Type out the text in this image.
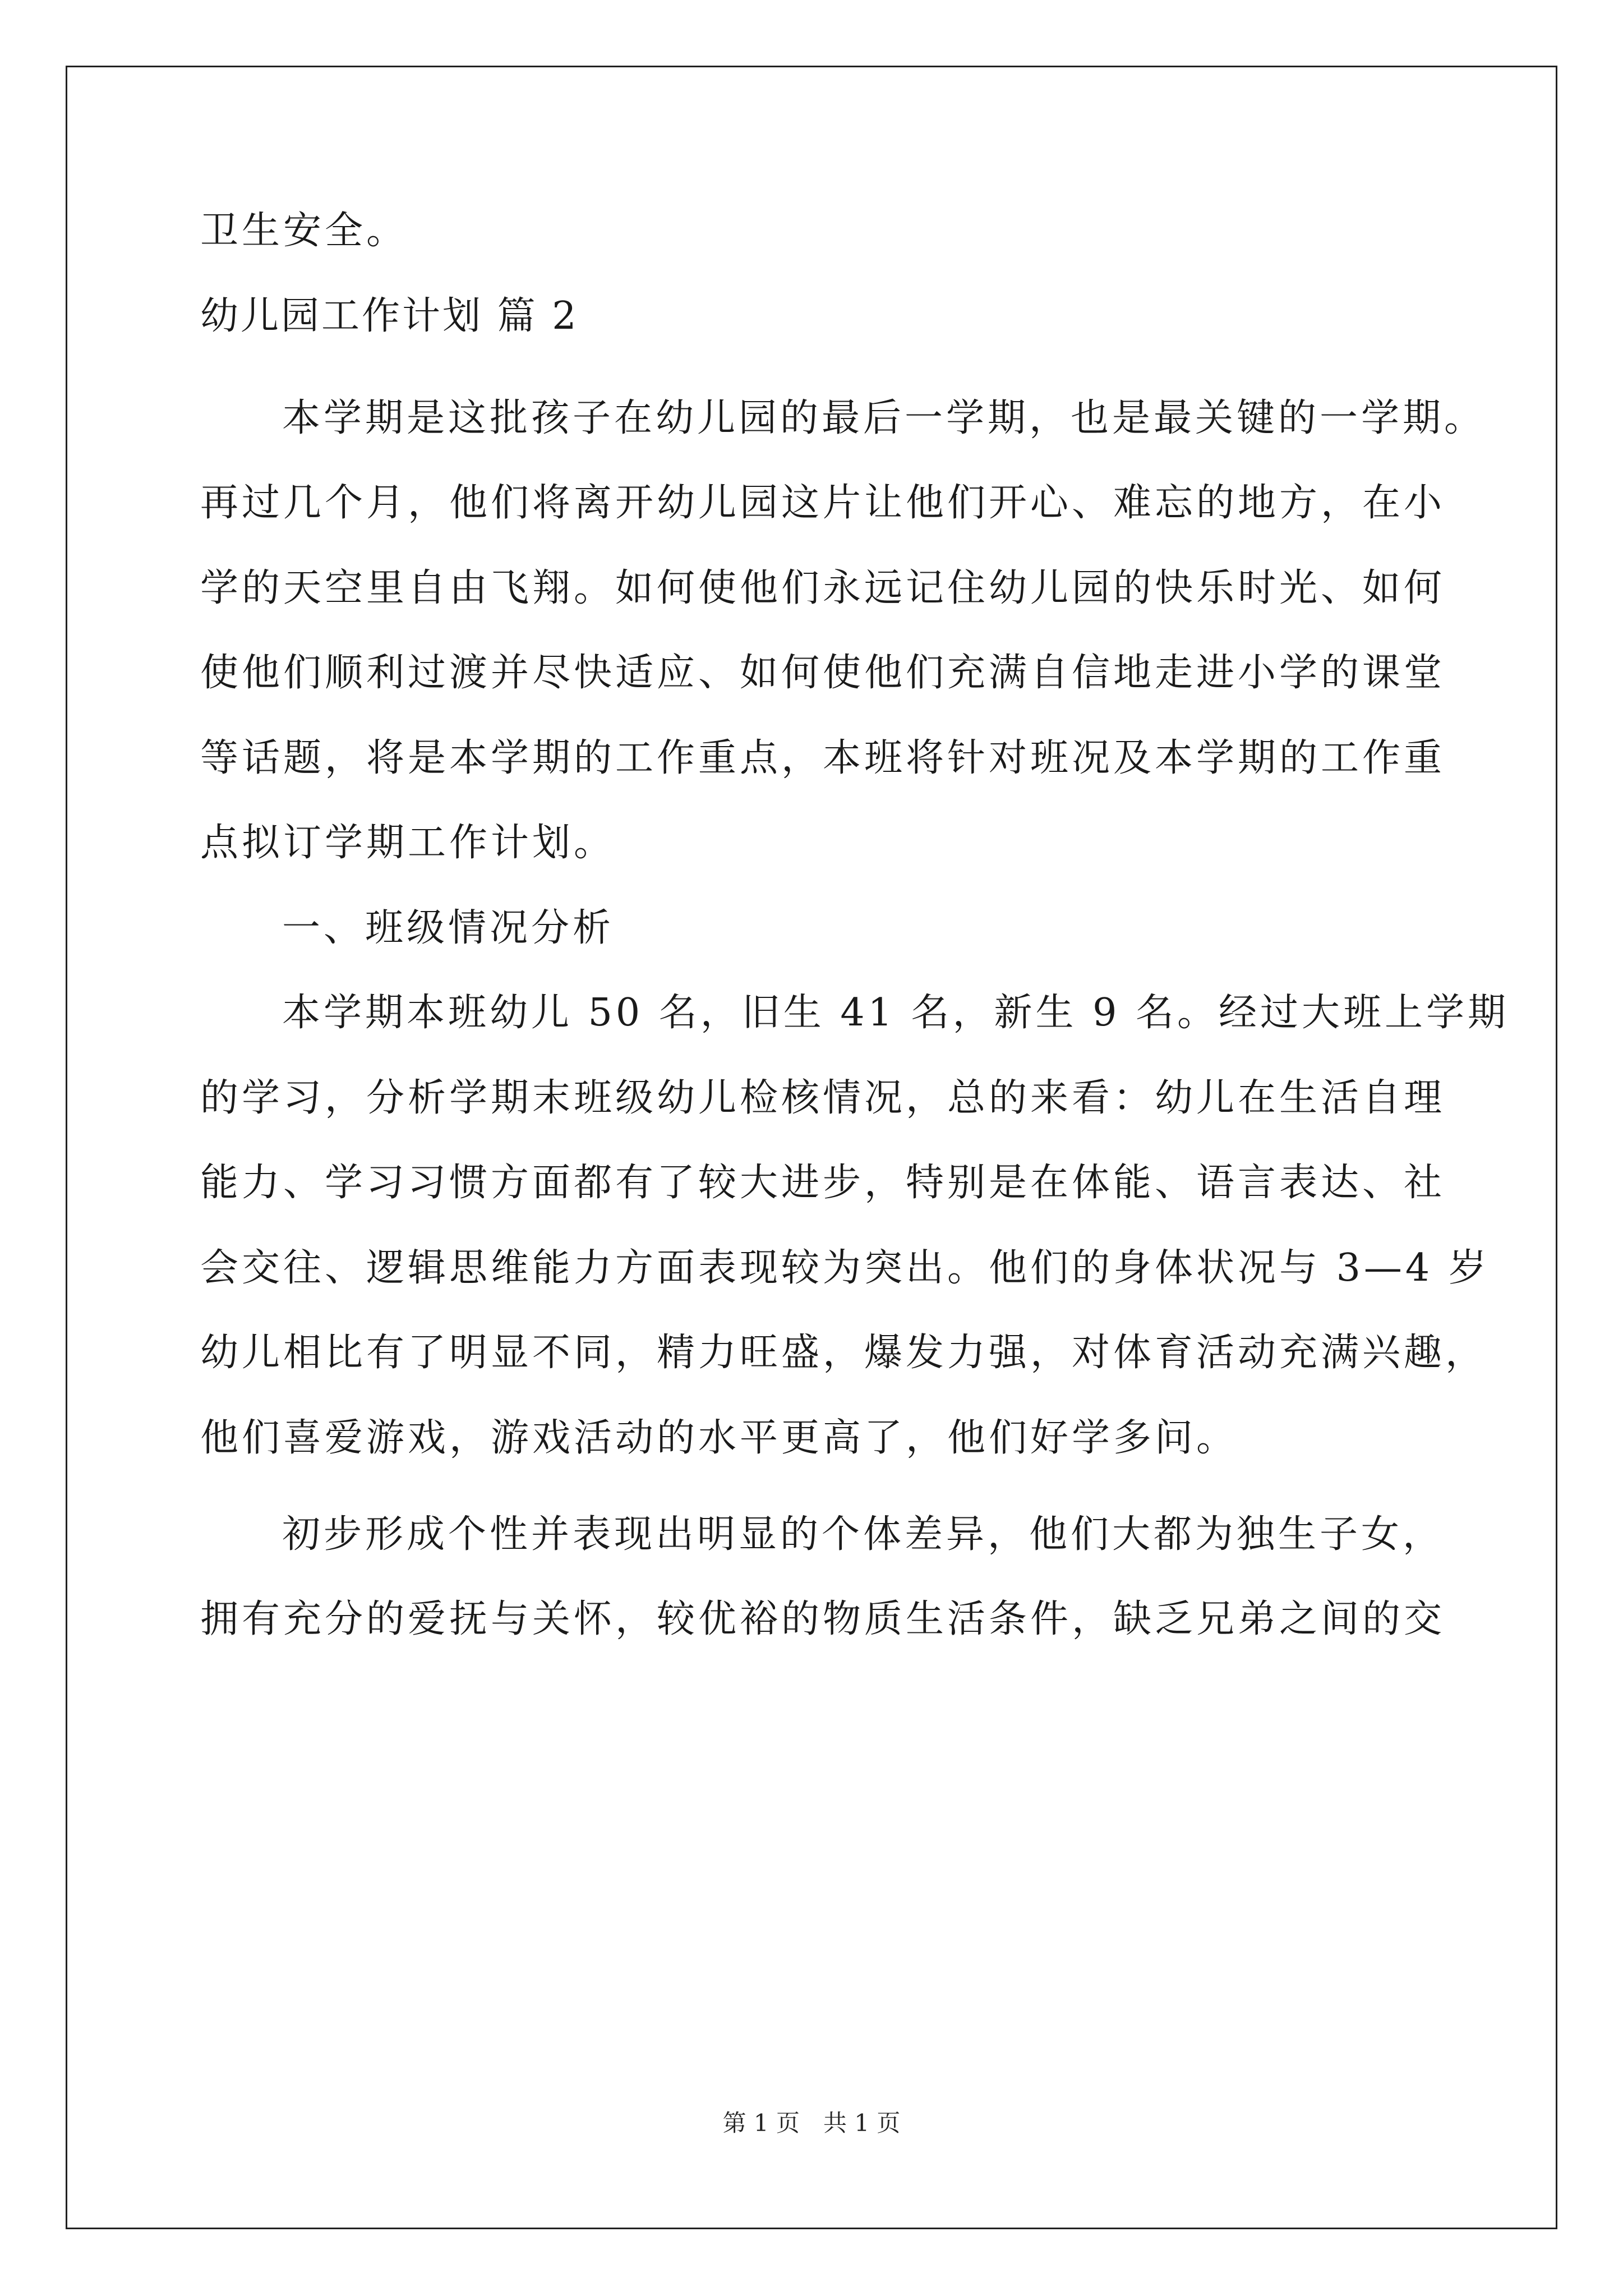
卫生安全。
幼儿园工作计划 篇 2
本学期是这批孩子在幼儿园的最后一学期，也是最关键的一学期。
再过几个月，他们将离开幼儿园这片让他们开心、难忘的地方，在小
学的天空里自由飞翔。如何使他们永远记住幼儿园的快乐时光、如何
使他们顺利过渡并尽快适应、如何使他们充满自信地走进小学的课堂
等话题，将是本学期的工作重点，本班将针对班况及本学期的工作重
点拟订学期工作计划。
一、班级情况分析
本学期本班幼儿 50 名，旧生 41 名，新生 9 名。经过大班上学期
的学习，分析学期末班级幼儿检核情况，总的来看：幼儿在生活自理
能力、学习习惯方面都有了较大进步，特别是在体能、语言表达、社
会交往、逻辑思维能力方面表现较为突出。他们的身体状况与 3—4 岁
幼儿相比有了明显不同，精力旺盛，爆发力强，对体育活动充满兴趣，
他们喜爱游戏，游戏活动的水平更高了，他们好学多问。
初步形成个性并表现出明显的个体差异，他们大都为独生子女，
拥有充分的爱抚与关怀，较优裕的物质生活条件，缺乏兄弟之间的交
第 1 页　共 1 页
